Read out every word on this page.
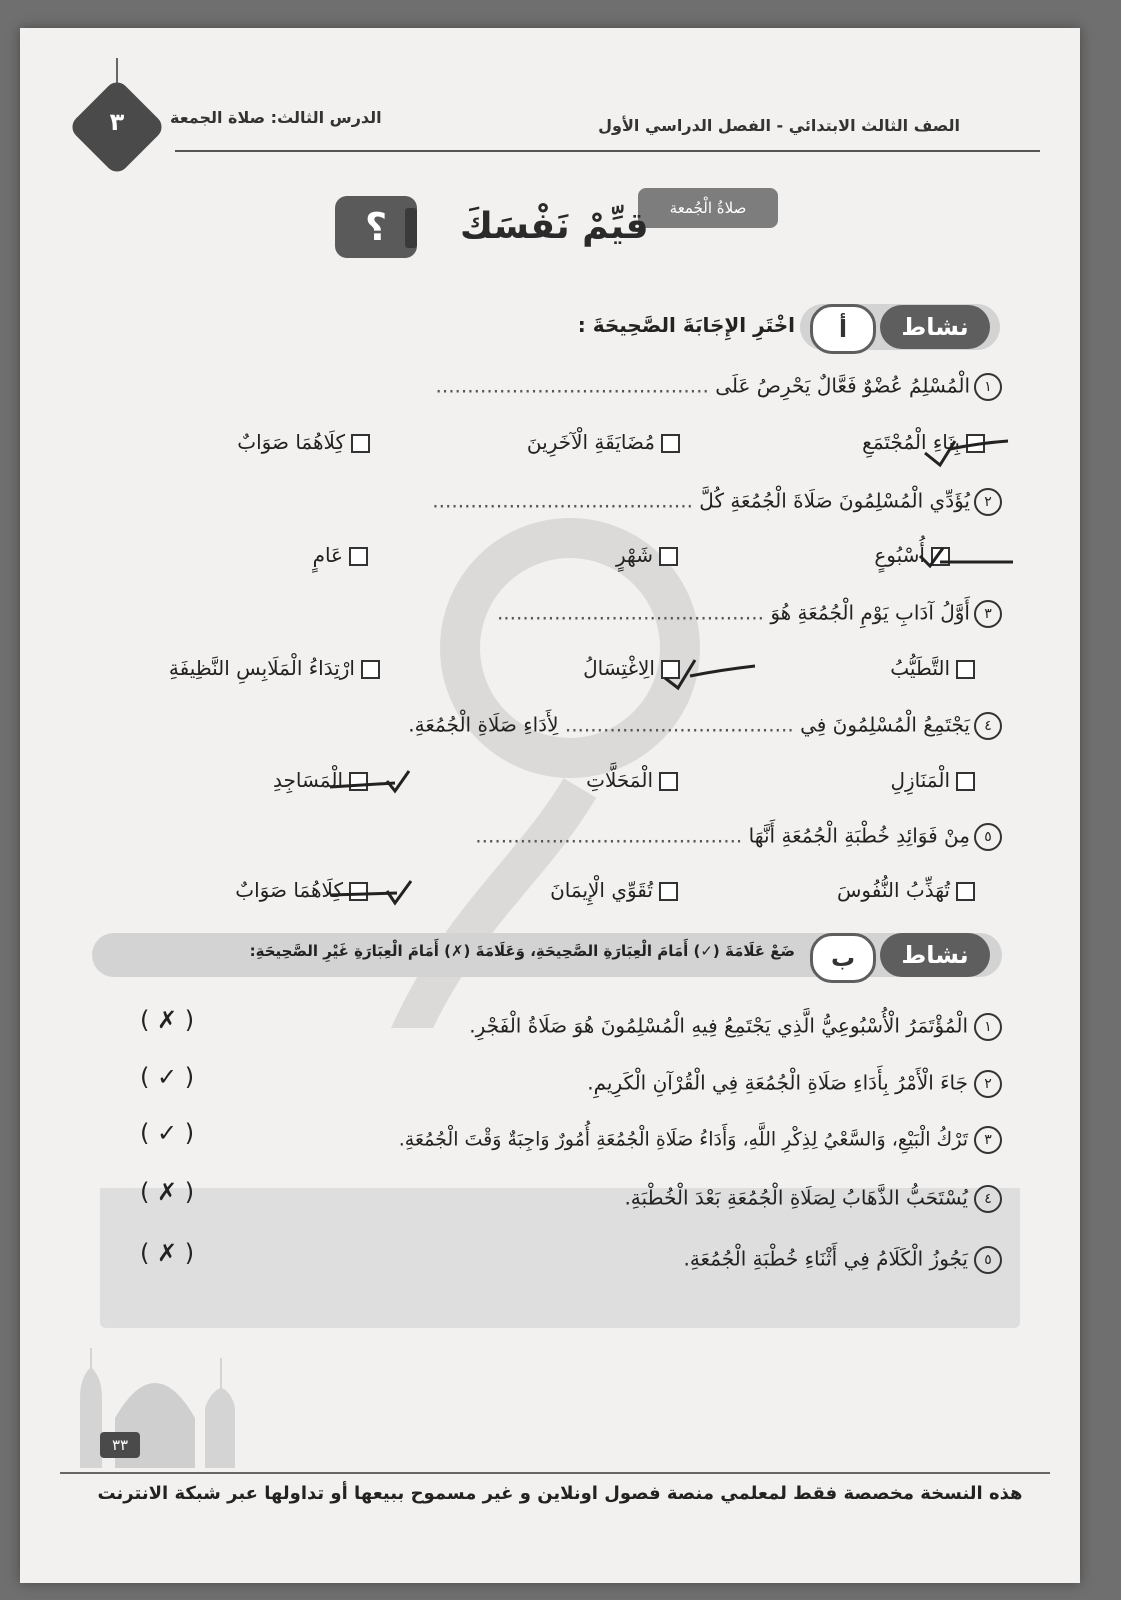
٣	الدرس الثالث: صلاة الجمعة	الصف الثالث الابتدائي - الفصل الدراسي الأول
صلاةُ الْجُمعة
قيِّمْ نَفْسَكَ
؟
نشاط
أ
اخْتَرِ الإِجَابَةَ الصَّحِيحَةَ :
١الْمُسْلِمُ عُضْوٌ فَعَّالٌ يَحْرِصُ عَلَى ...........................................
بِنَاءِ الْمُجْتَمَعِ
مُضَايَقَةِ الْآخَرِينَ
كِلَاهُمَا صَوَابٌ
٢يُؤَدِّي الْمُسْلِمُونَ صَلَاةَ الْجُمُعَةِ كُلَّ .........................................
أُسْبُوعٍ
شَهْرٍ
عَامٍ
٣أَوَّلُ آدَابِ يَوْمِ الْجُمُعَةِ هُوَ ..........................................
التَّطَيُّبُ
الِاغْتِسَالُ
ارْتِدَاءُ الْمَلَابِسِ النَّظِيفَةِ
٤يَجْتَمِعُ الْمُسْلِمُونَ فِي .................................... لِأَدَاءِ صَلَاةِ الْجُمُعَةِ.
الْمَنَازِلِ
الْمَحَلَّاتِ
الْمَسَاجِدِ
٥مِنْ فَوَائِدِ خُطْبَةِ الْجُمُعَةِ أَنَّهَا ..........................................
تُهَذِّبُ النُّفُوسَ
تُقَوِّي الْإِيمَانَ
كِلَاهُمَا صَوَابٌ
نشاط
ب
ضَعْ عَلَامَةَ (✓) أَمَامَ الْعِبَارَةِ الصَّحِيحَةِ، وَعَلَامَةَ (✗) أَمَامَ الْعِبَارَةِ غَيْرِ الصَّحِيحَةِ:
١الْمُؤْتَمَرُ الْأُسْبُوعِيُّ الَّذِي يَجْتَمِعُ فِيهِ الْمُسْلِمُونَ هُوَ صَلَاةُ الْفَجْرِ.
( ✗ )
٢جَاءَ الْأَمْرُ بِأَدَاءِ صَلَاةِ الْجُمُعَةِ فِي الْقُرْآنِ الْكَرِيمِ.
( ✓ )
٣تَرْكُ الْبَيْعِ، وَالسَّعْيُ لِذِكْرِ اللَّهِ، وَأَدَاءُ صَلَاةِ الْجُمُعَةِ أُمُورٌ وَاجِبَةٌ وَقْتَ الْجُمُعَةِ.
( ✓ )
٤يُسْتَحَبُّ الذَّهَابُ لِصَلَاةِ الْجُمُعَةِ بَعْدَ الْخُطْبَةِ.
( ✗ )
٥يَجُوزُ الْكَلَامُ فِي أَثْنَاءِ خُطْبَةِ الْجُمُعَةِ.
( ✗ )
٣٣
هذه النسخة مخصصة فقط لمعلمي منصة فصول اونلاين و غير مسموح ببيعها أو تداولها عبر شبكة الانترنت
